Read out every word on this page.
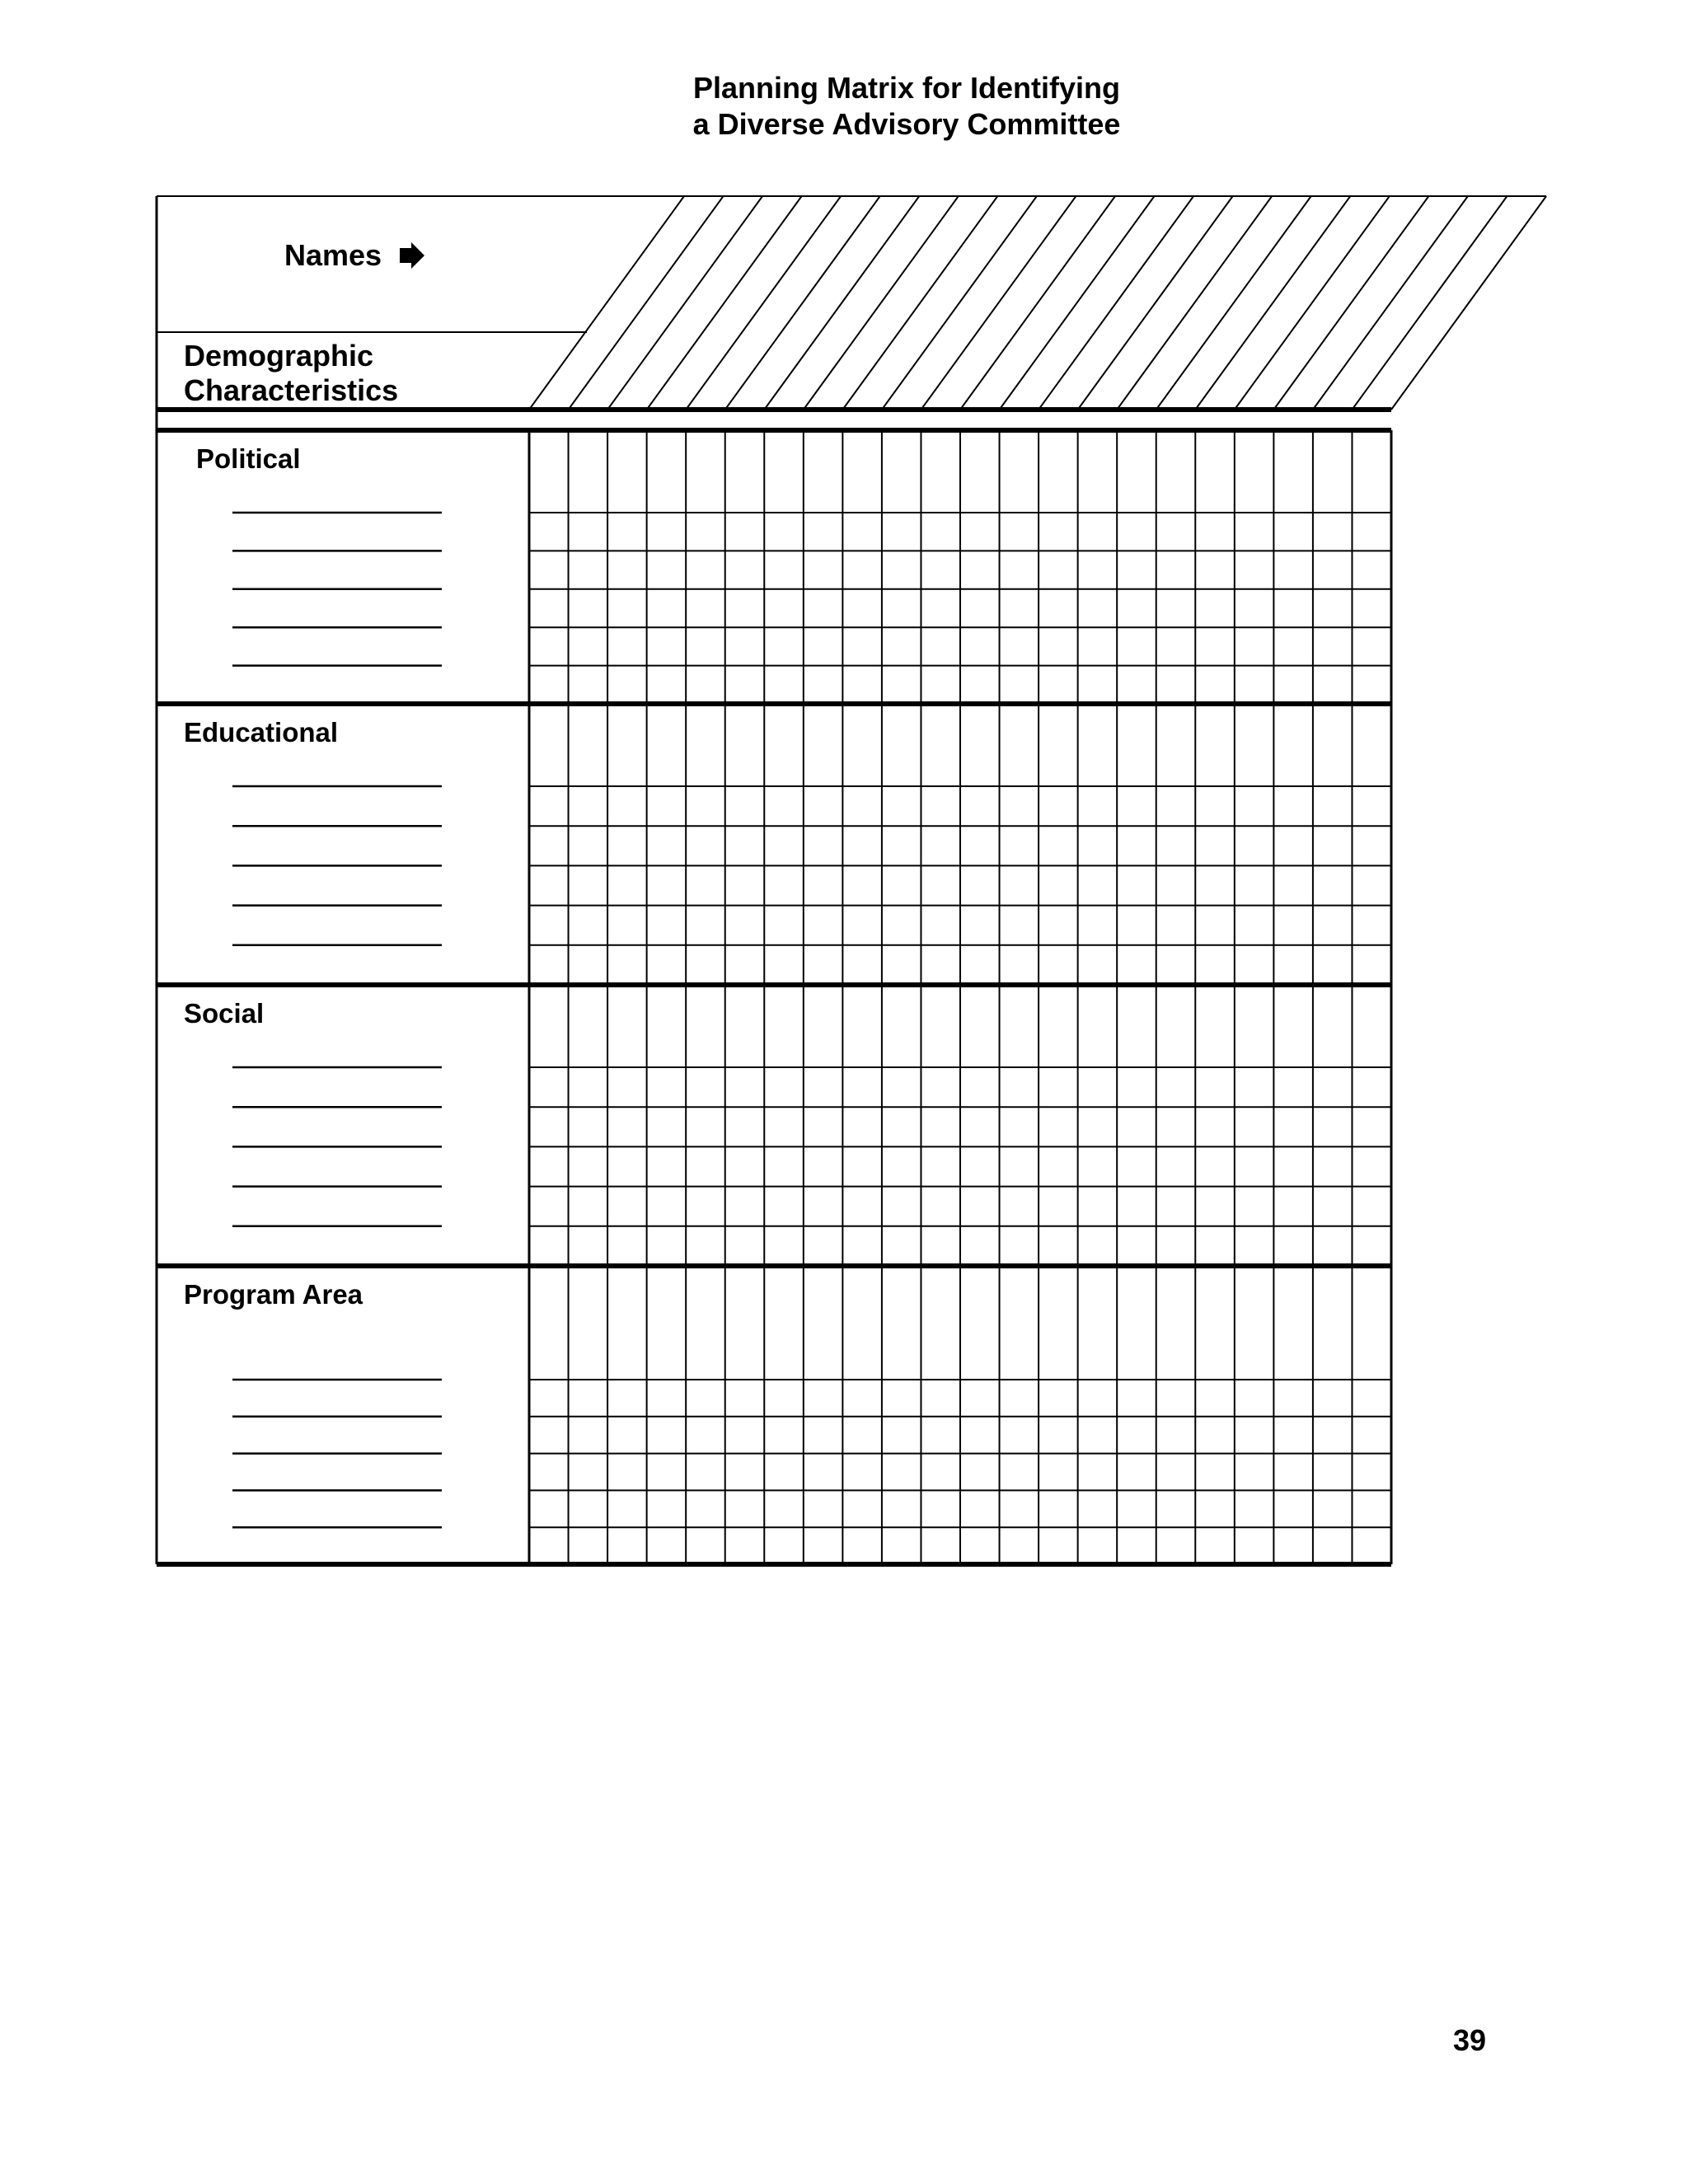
Planning Matrix for Identifying
a Diverse Advisory Committee
Names
Demographic
Characteristics
Political
Educational
Social
Program Area
39
